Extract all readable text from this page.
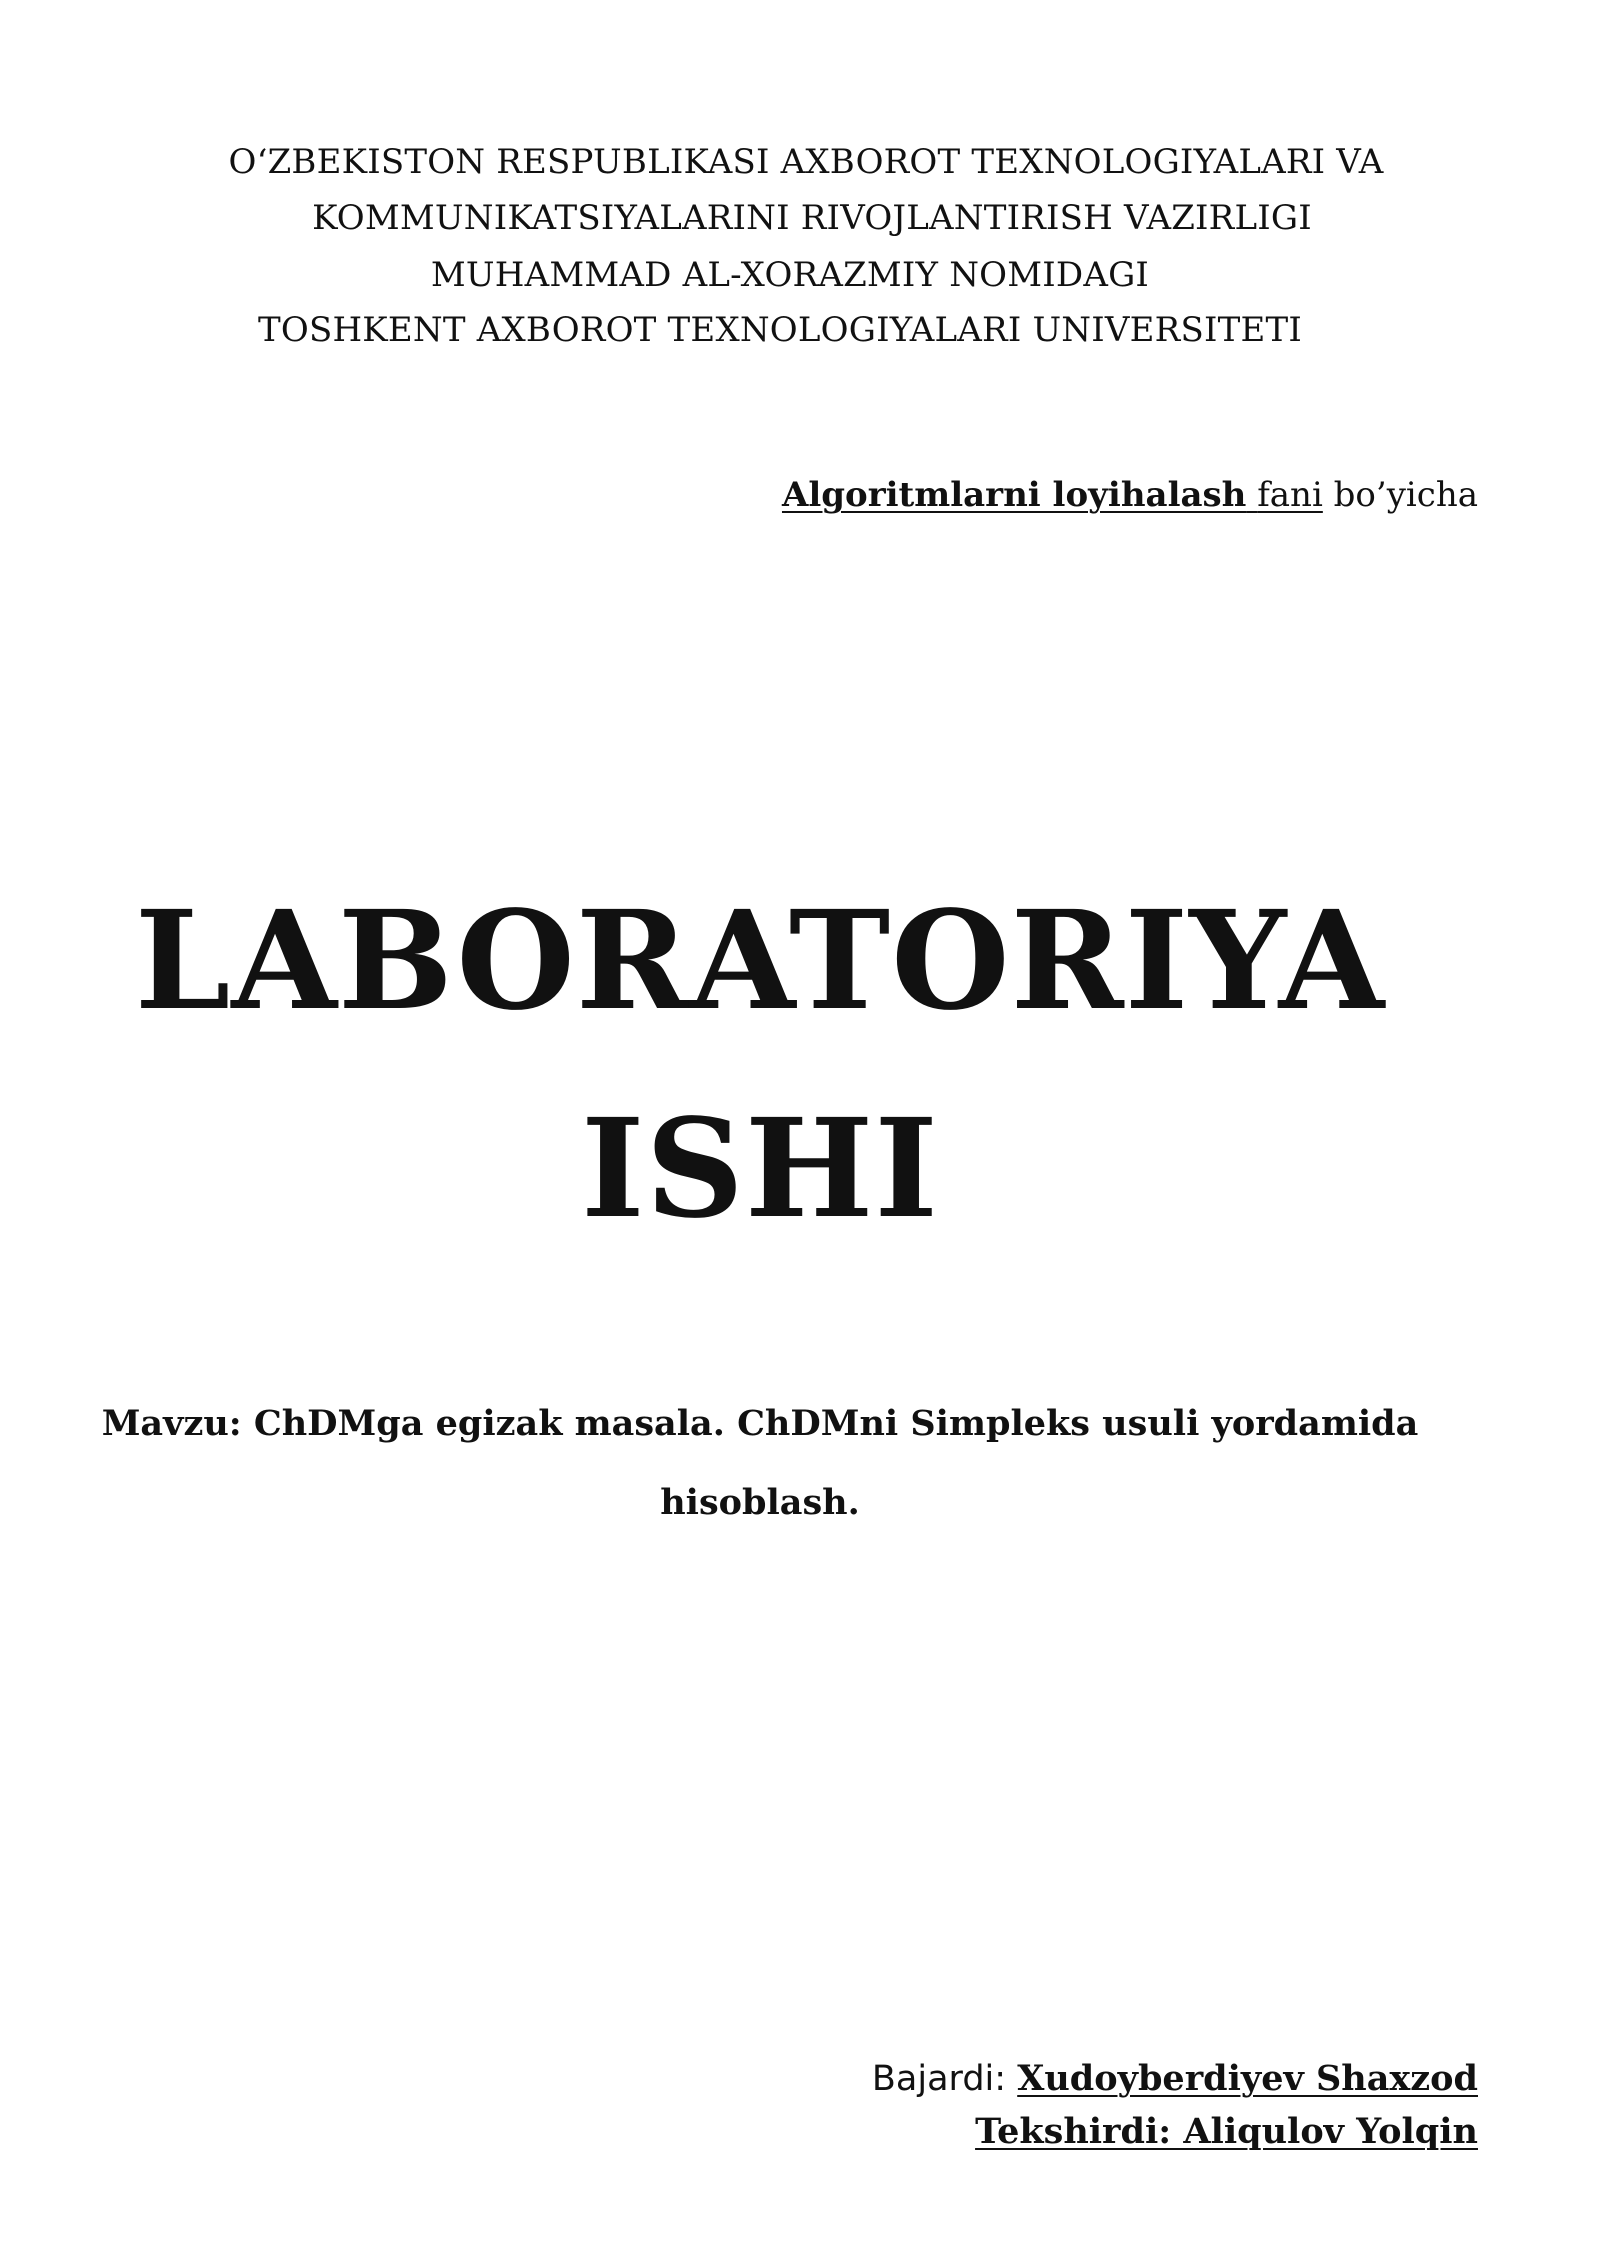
O‘ZBEKISTON RESPUBLIKASI AXBOROT TEXNOLOGIYALARI VA
KOMMUNIKATSIYALARINI RIVOJLANTIRISH VAZIRLIGI
MUHAMMAD AL-XORAZMIY NOMIDAGI
TOSHKENT AXBOROT TEXNOLOGIYALARI UNIVERSITETI
Algoritmlarni loyihalash fani bo’yicha
LABORATORIYA
ISHI
Mavzu: ChDMga egizak masala. ChDMni Simpleks usuli yordamida
hisoblash.
Bajardi: Xudoyberdiyev Shaxzod
Tekshirdi: Aliqulov Yolqin
